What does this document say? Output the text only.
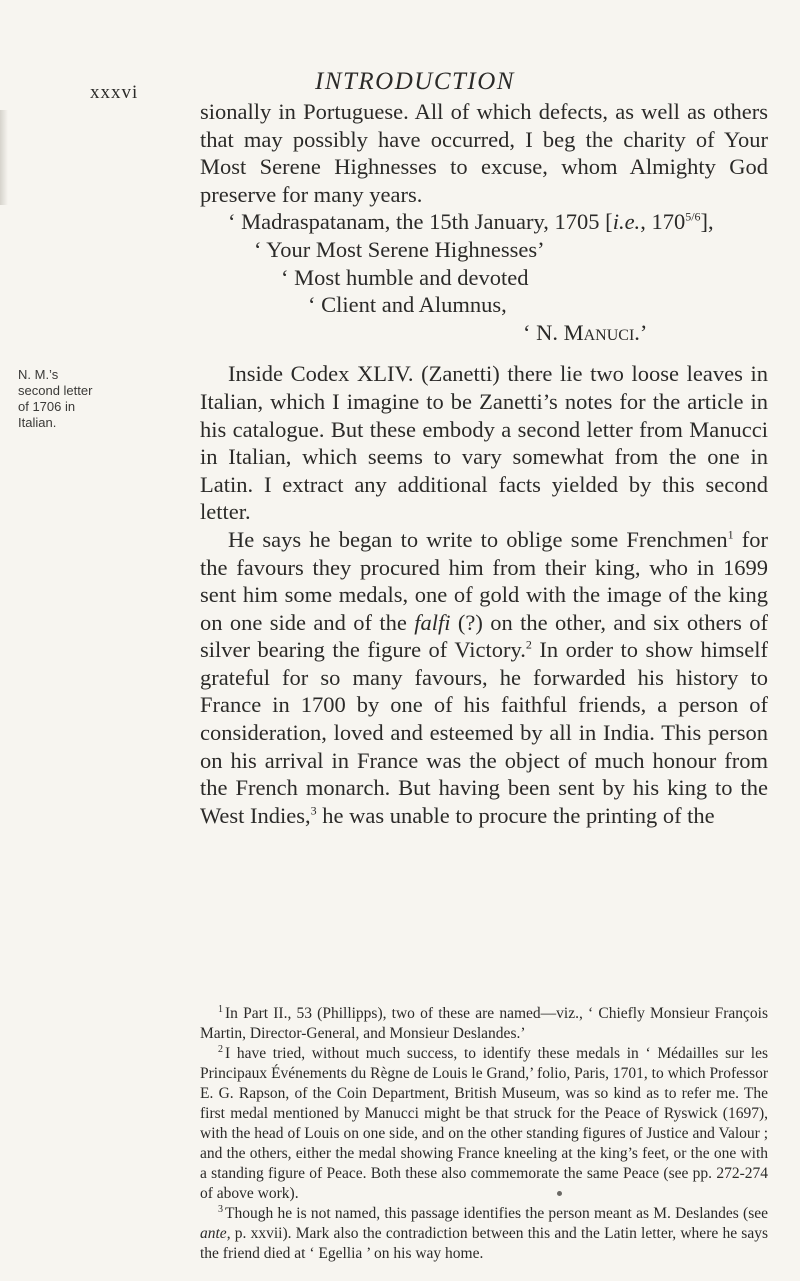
xxxvi	INTRODUCTION
N. M.’s
second letter
of 1706 in
Italian.

sionally in Portuguese. All of which defects, as well as others that may possibly have occurred, I beg the charity of Your Most Serene Highnesses to excuse, whom Almighty God preserve for many years.

‘ Madraspatanam, the 15th January, 1705 [i.e., $170^{5/6}$],

‘ Your Most Serene Highnesses’

‘ Most humble and devoted

‘ Client and Alumnus,

‘ N. Manuci.’

Inside Codex XLIV. (Zanetti) there lie two loose leaves in Italian, which I imagine to be Zanetti’s notes for the article in his catalogue. But these embody a second letter from Manucci in Italian, which seems to vary somewhat from the one in Latin. I extract any additional facts yielded by this second letter.

He says he began to write to oblige some Frenchmen$^1$ for the favours they procured him from their king, who in 1699 sent him some medals, one of gold with the image of the king on one side and of the falfi (?) on the other, and six others of silver bearing the figure of Victory.$^2$ In order to show himself grateful for so many favours, he forwarded his history to France in 1700 by one of his faithful friends, a person of consideration, loved and esteemed by all in India. This person on his arrival in France was the object of much honour from the French monarch. But having been sent by his king to the West Indies,$^3$ he was unable to procure the printing of the

$^1$ In Part II., 53 (Phillipps), two of these are named—viz., ‘ Chiefly Monsieur François Martin, Director-General, and Monsieur Deslandes.’

$^2$ I have tried, without much success, to identify these medals in ‘ Médailles sur les Principaux Événements du Règne de Louis le Grand,’ folio, Paris, 1701, to which Professor E. G. Rapson, of the Coin Department, British Museum, was so kind as to refer me. The first medal mentioned by Manucci might be that struck for the Peace of Ryswick (1697), with the head of Louis on one side, and on the other standing figures of Justice and Valour ; and the others, either the medal showing France kneeling at the king’s feet, or the one with a standing figure of Peace. Both these also commemorate the same Peace (see pp. 272-274 of above work).

$^3$ Though he is not named, this passage identifies the person meant as M. Deslandes (see ante, p. xxvii). Mark also the contradiction between this and the Latin letter, where he says the friend died at ‘ Egellia ’ on his way home.
